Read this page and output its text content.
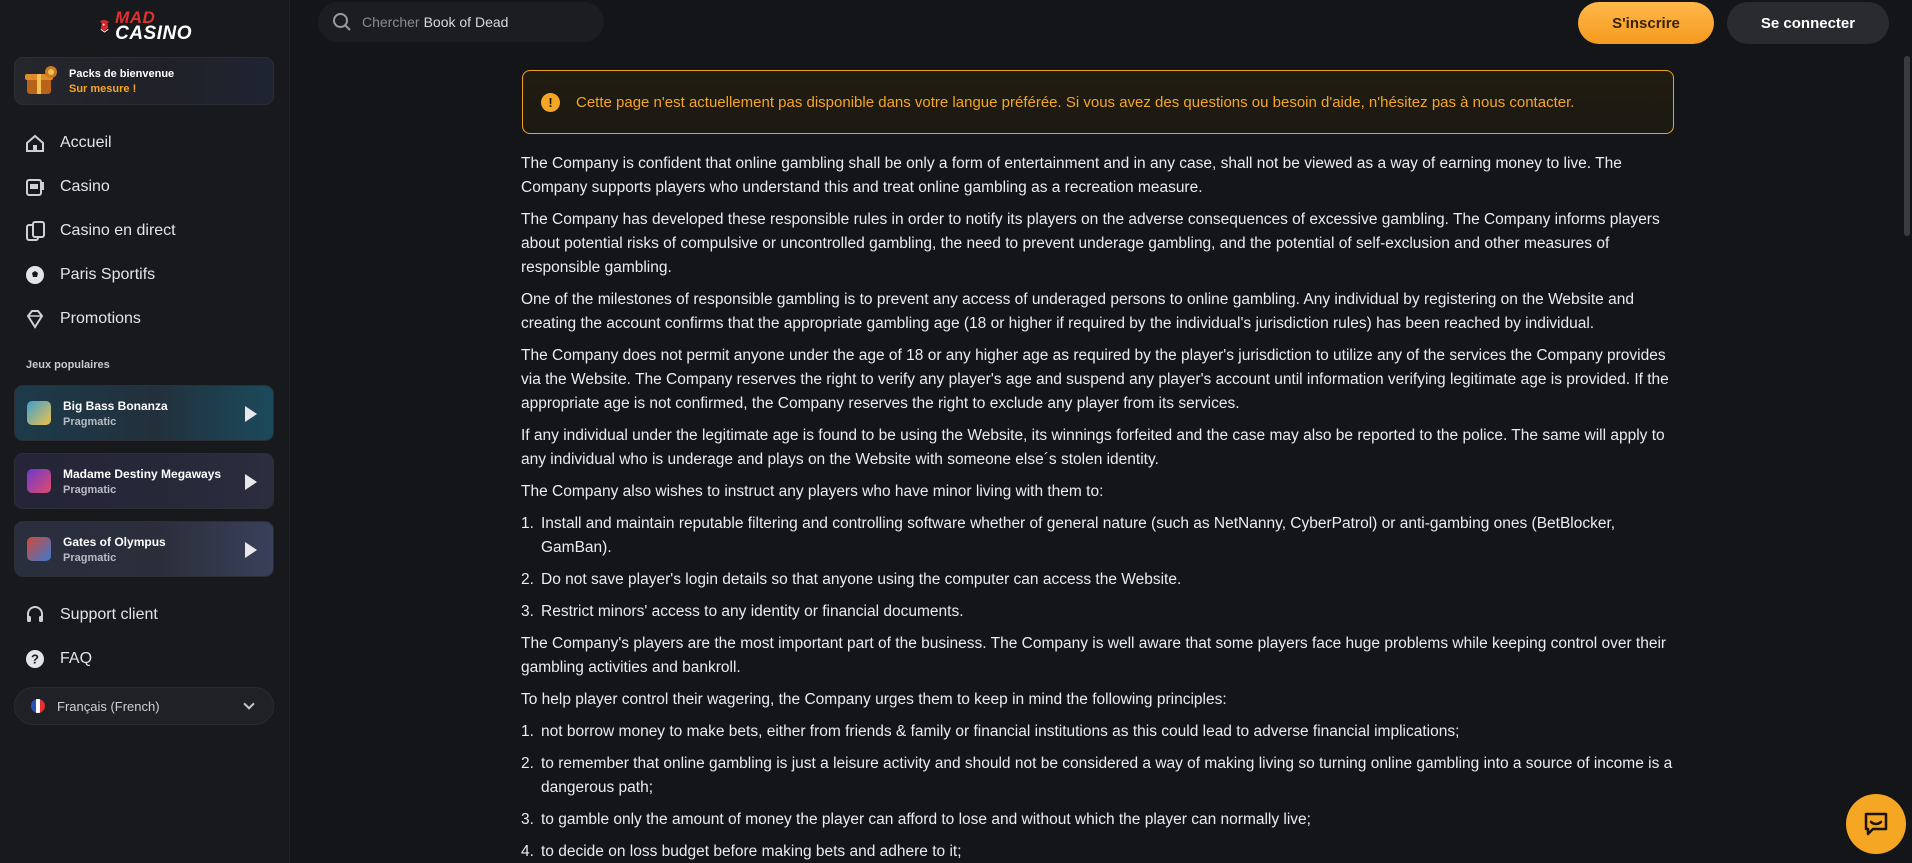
MAD
CASINO
Packs de bienvenue
Sur mesure !
Accueil
Casino
Casino en direct
Paris Sportifs
Promotions
Jeux populaires
Big Bass Bonanza
Pragmatic
Madame Destiny Megaways
Pragmatic
Gates of Olympus
Pragmatic
Support client
? FAQ
Français (French)
Chercher Book of Dead	S'inscrire	Se connecter
!	Cette page n'est actuellement pas disponible dans votre langue préférée. Si vous avez des questions ou besoin d'aide, n'hésitez pas à nous contacter.

The Company is confident that online gambling shall be only a form of entertainment and in any case, shall not be viewed as a way of earning money to live. The Company supports players who understand this and treat online gambling as a recreation measure.

The Company has developed these responsible rules in order to notify its players on the adverse consequences of excessive gambling. The Company informs players about potential risks of compulsive or uncontrolled gambling, the need to prevent underage gambling, and the potential of self-exclusion and other measures of responsible gambling.

One of the milestones of responsible gambling is to prevent any access of underaged persons to online gambling. Any individual by registering on the Website and creating the account confirms that the appropriate gambling age (18 or higher if required by the individual's jurisdiction rules) has been reached by individual.

The Company does not permit anyone under the age of 18 or any higher age as required by the player's jurisdiction to utilize any of the services the Company provides via the Website. The Company reserves the right to verify any player's age and suspend any player's account until information verifying legitimate age is provided. If the appropriate age is not confirmed, the Company reserves the right to exclude any player from its services.

If any individual under the legitimate age is found to be using the Website, its winnings forfeited and the case may also be reported to the police. The same will apply to any individual who is underage and plays on the Website with someone else´s stolen identity.

The Company also wishes to instruct any players who have minor living with them to:

1. Install and maintain reputable filtering and controlling software whether of general nature (such as NetNanny, CyberPatrol) or anti-gambing ones (BetBlocker, GamBan).
2. Do not save player's login details so that anyone using the computer can access the Website.
3. Restrict minors' access to any identity or financial documents.

The Company's players are the most important part of the business. The Company is well aware that some players face huge problems while keeping control over their gambling activities and bankroll.

To help player control their wagering, the Company urges them to keep in mind the following principles:

1. not borrow money to make bets, either from friends & family or financial institutions as this could lead to adverse financial implications;
2. to remember that online gambling is just a leisure activity and should not be considered a way of making living so turning online gambling into a source of income is a dangerous path;
3. to gamble only the amount of money the player can afford to lose and without which the player can normally live;
4. to decide on loss budget before making bets and adhere to it;
